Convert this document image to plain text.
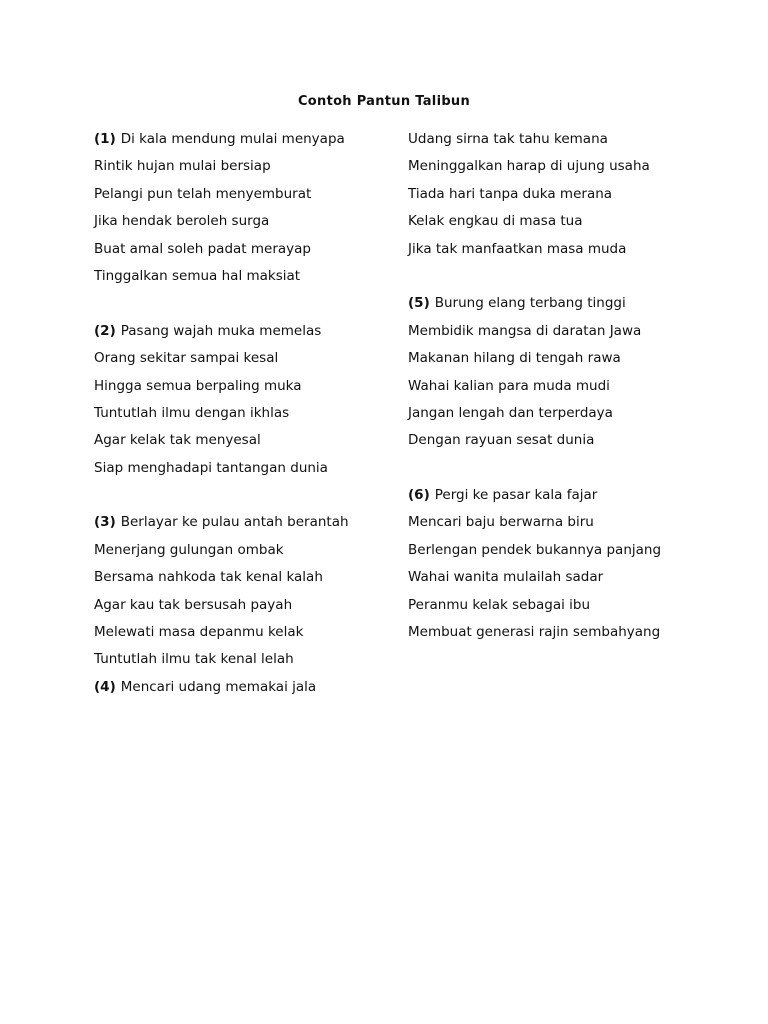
Contoh Pantun Talibun
(1) Di kala mendung mulai menyapa
Rintik hujan mulai bersiap
Pelangi pun telah menyemburat
Jika hendak beroleh surga
Buat amal soleh padat merayap
Tinggalkan semua hal maksiat
(2) Pasang wajah muka memelas
Orang sekitar sampai kesal
Hingga semua berpaling muka
Tuntutlah ilmu dengan ikhlas
Agar kelak tak menyesal
Siap menghadapi tantangan dunia
(3) Berlayar ke pulau antah berantah
Menerjang gulungan ombak
Bersama nahkoda tak kenal kalah
Agar kau tak bersusah payah
Melewati masa depanmu kelak
Tuntutlah ilmu tak kenal lelah
(4) Mencari udang memakai jala
Udang sirna tak tahu kemana
Meninggalkan harap di ujung usaha
Tiada hari tanpa duka merana
Kelak engkau di masa tua
Jika tak manfaatkan masa muda
(5) Burung elang terbang tinggi
Membidik mangsa di daratan Jawa
Makanan hilang di tengah rawa
Wahai kalian para muda mudi
Jangan lengah dan terperdaya
Dengan rayuan sesat dunia
(6) Pergi ke pasar kala fajar
Mencari baju berwarna biru
Berlengan pendek bukannya panjang
Wahai wanita mulailah sadar
Peranmu kelak sebagai ibu
Membuat generasi rajin sembahyang
